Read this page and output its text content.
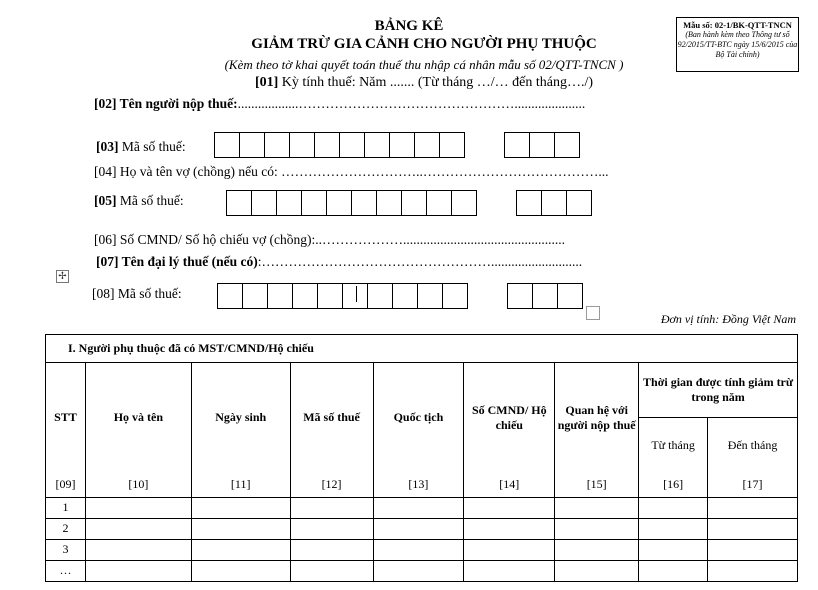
BẢNG KÊ
GIẢM TRỪ GIA CẢNH CHO NGƯỜI PHỤ THUỘC
(Kèm theo tờ khai quyết toán thuế thu nhập cá nhân mẫu số 02/QTT-TNCN )
[01] Kỳ tính thuế: Năm ....... (Từ tháng …/… đến tháng…./)
Mẫu số: 02-1/BK-QTT-TNCN
(Ban hành kèm theo Thông tư số 92/2015/TT-BTC ngày 15/6/2015 của Bộ Tài chính)
[02] Tên người nộp thuế:..................………………………………………….....................
[03] Mã số thuế:
[04] Họ và tên vợ (chồng) nếu có: …………………………..…………………………………...
[05] Mã số thuế:
[06] Số CMND/ Số hộ chiếu vợ (chồng):..………………................................................
[07] Tên đại lý thuế (nếu có):……………………………………………...........................
✢
[08] Mã số thuế:
Đơn vị tính: Đồng Việt Nam
I. Người phụ thuộc đã có MST/CMND/Hộ chiếu								
STT	Họ và tên	Ngày sinh	Mã số thuế	Quốc tịch	Số CMND/ Hộ chiếu	Quan hệ với người nộp thuế	Thời gian được tính giảm trừ trong năm	
							Từ tháng	Đến tháng
[09]	[10]	[11]	[12]	[13]	[14]	[15]	[16]	[17]
1								
2								
3								
…								
